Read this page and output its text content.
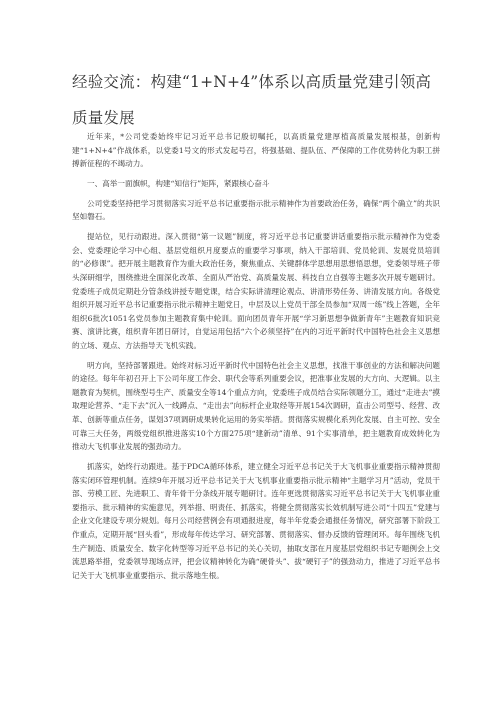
经验交流：构建“1+N+4”体系以高质量党建引领高
质量发展

近年来，*公司党委始终牢记习近平总书记殷切嘱托，以高质量党建厚植高质量发展根基，创新构建“1+N+4”作战体系，以党委1号文的形式发起号召，将强基础、提队伍、严保障的工作优势转化为职工拼搏新征程的不竭动力。

一、高举一面旗帜，构建“知信行”矩阵，紧跟核心奋斗

公司党委坚持把学习贯彻落实习近平总书记重要指示批示精神作为首要政治任务，确保“两个确立”的共识坚如磐石。

提站位，见行动跟进。深入贯彻“第一议题”制度，将习近平总书记重要讲话重要指示批示精神作为党委会、党委理论学习中心组、基层党组织月度要点的重要学习事项，纳入干部培训、党员轮训、发展党员培训的“必修课”。把开展主题教育作为重大政治任务，聚焦重点、关键群体学思想用思想悟思想，党委领导班子带头深研细学，围绕推进全面深化改革、全面从严治党、高质量发展、科技自立自强等主题多次开展专题研讨。党委班子成员定期赴分管条线讲授专题党课，结合实际讲清理论观点、讲清形势任务、讲清发展方向。各级党组织开展习近平总书记重要指示批示精神主题党日，中层及以上党员干部全员参加“双周一练”线上答题，全年组织6批次1051名党员参加主题教育集中轮训。面向团员青年开展“学习新思想争做新青年”主题教育知识竞赛、演讲比赛，组织青年团日研讨，自觉运用包括“六个必须坚持”在内的习近平新时代中国特色社会主义思想的立场、观点、方法指导天飞机实践。

明方向，坚持部署跟进。始终对标习近平新时代中国特色社会主义思想，找准干事创业的方法和解决问题的途径。每年年初召开上下公司年度工作会、职代会等系列重要会议，把准事业发展的大方向、大逻辑。以主题教育为契机，围绕型号生产、质量安全等14个重点方向，党委班子成员结合实际领题分工，通过“走进去”摸取理论营养、“走下去”沉入一线蹲点、“走出去”向标杆企业取经等开展154次调研，直击公司型号、经营、改革、创新等重点任务，谋划37项调研成果转化运用的务实举措。贯彻落实规模化系列化发展、自主可控、安全可靠三大任务，两级党组织推进落实10个方面275项“建新动”清单、91个实事清单，把主题教育成效转化为推动大飞机事业发展的强劲动力。

抓落实，始终行动跟进。基于PDCA循环体系，建立健全习近平总书记关于大飞机事业重要指示精神贯彻落实闭环管理机制。连续9年开展习近平总书记关于大飞机事业重要指示批示精神“主题学习月”活动，党员干部、劳模工匠、先进职工、青年骨干分条线开展专题研讨。连年更选贯彻落实习近平总书记关于大飞机事业重要指示、批示精神的实施意见，列举措、明责任、抓落实，将健全贯彻落实长效机制写进公司“十四五”党建与企业文化建设专项分规划。每月公司经营例会有项通报进度，每半年党委会通报任务情况，研究部署下阶段工作重点，定期开展“回头看”，形成每年传达学习、研究部署、贯彻落实、督办反馈的管理闭环。每年围绕飞机生产制造、质量安全、数字化转型等习近平总书记的关心关切，抽取支部在月度基层党组织书记专题例会上交流思路举措，党委领导现场点评，把会议精神转化为确“硬骨头”、拔“硬钉子”的强劲动力，推进了习近平总书记关于大飞机事业重要指示、批示落地生根。
